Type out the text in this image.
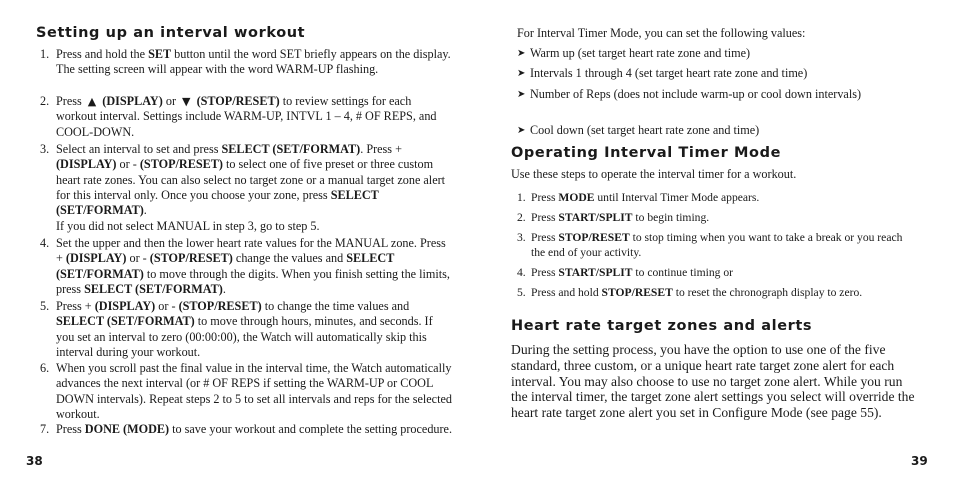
Setting up an interval workout
1. Press and hold the SET button until the word SET briefly appears on the display. The setting screen will appear with the word WARM-UP flashing.
2. Press ▲ (DISPLAY) or ▼ (STOP/RESET) to review settings for each workout interval. Settings include WARM-UP, INTVL 1 – 4, # OF REPS, and COOL-DOWN.
3. Select an interval to set and press SELECT (SET/FORMAT). Press + (DISPLAY) or - (STOP/RESET) to select one of five preset or three custom heart rate zones. You can also select no target zone or a manual target zone alert for this interval only. Once you choose your zone, press SELECT (SET/FORMAT).
If you did not select MANUAL in step 3, go to step 5.
4. Set the upper and then the lower heart rate values for the MANUAL zone. Press + (DISPLAY) or - (STOP/RESET) change the values and SELECT (SET/FORMAT) to move through the digits. When you finish setting the limits, press SELECT (SET/FORMAT).
5. Press + (DISPLAY) or - (STOP/RESET) to change the time values and SELECT (SET/FORMAT) to move through hours, minutes, and seconds. If you set an interval to zero (00:00:00), the Watch will automatically skip this interval during your workout.
6. When you scroll past the final value in the interval time, the Watch automatically advances the next interval (or # OF REPS if setting the WARM-UP or COOL DOWN intervals). Repeat steps 2 to 5 to set all intervals and reps for the selected workout.
7. Press DONE (MODE) to save your workout and complete the setting procedure.
38
For Interval Timer Mode, you can set the following values:
➤ Warm up (set target heart rate zone and time)
➤ Intervals 1 through 4 (set target heart rate zone and time)
➤ Number of Reps (does not include warm-up or cool down intervals)
➤ Cool down (set target heart rate zone and time)
Operating Interval Timer Mode
Use these steps to operate the interval timer for a workout.
1. Press MODE until Interval Timer Mode appears.
2. Press START/SPLIT to begin timing.
3. Press STOP/RESET to stop timing when you want to take a break or you reach the end of your activity.
4. Press START/SPLIT to continue timing or
5. Press and hold STOP/RESET to reset the chronograph display to zero.
Heart rate target zones and alerts
During the setting process, you have the option to use one of the five standard, three custom, or a unique heart rate target zone alert for each interval. You may also choose to use no target zone alert. While you run the interval timer, the target zone alert settings you select will override the heart rate target zone alert you set in Configure Mode (see page 55).
39
